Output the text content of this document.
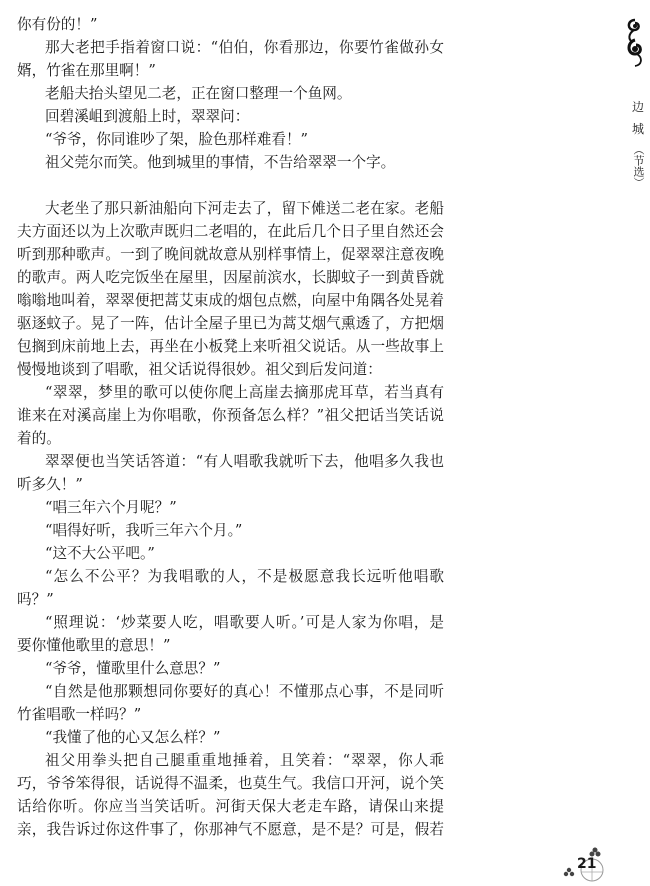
你有份的！”
那大老把手指着窗口说：“伯伯，你看那边，你要竹雀做孙女
婿，竹雀在那里啊！”
老船夫抬头望见二老，正在窗口整理一个鱼网。
回碧溪岨到渡船上时，翠翠问：
“爷爷，你同谁吵了架，脸色那样难看！”
祖父莞尔而笑。他到城里的事情，不告给翠翠一个字。
大老坐了那只新油船向下河走去了，留下傩送二老在家。老船
夫方面还以为上次歌声既归二老唱的，在此后几个日子里自然还会
听到那种歌声。一到了晚间就故意从别样事情上，促翠翠注意夜晚
的歌声。两人吃完饭坐在屋里，因屋前滨水，长脚蚊子一到黄昏就
嗡嗡地叫着，翠翠便把蒿艾束成的烟包点燃，向屋中角隅各处晃着
驱逐蚊子。晃了一阵，估计全屋子里已为蒿艾烟气熏透了，方把烟
包搁到床前地上去，再坐在小板凳上来听祖父说话。从一些故事上
慢慢地谈到了唱歌，祖父话说得很妙。祖父到后发问道：
“翠翠，梦里的歌可以使你爬上高崖去摘那虎耳草，若当真有
谁来在对溪高崖上为你唱歌，你预备怎么样？”祖父把话当笑话说
着的。
翠翠便也当笑话答道：“有人唱歌我就听下去，他唱多久我也
听多久！”
“唱三年六个月呢？”
“唱得好听，我听三年六个月。”
“这不大公平吧。”
“怎么不公平？为我唱歌的人，不是极愿意我长远听他唱歌
吗？”
“照理说：‘炒菜要人吃，唱歌要人听。’可是人家为你唱，是
要你懂他歌里的意思！”
“爷爷，懂歌里什么意思？”
“自然是他那颗想同你要好的真心！不懂那点心事，不是同听
竹雀唱歌一样吗？”
“我懂了他的心又怎么样？”
祖父用拳头把自己腿重重地捶着，且笑着：“翠翠，你人乖
巧，爷爷笨得很，话说得不温柔，也莫生气。我信口开河，说个笑
话给你听。你应当当笑话听。河街天保大老走车路，请保山来提
亲，我告诉过你这件事了，你那神气不愿意，是不是？可是，假若
边
城
（节选）
21
